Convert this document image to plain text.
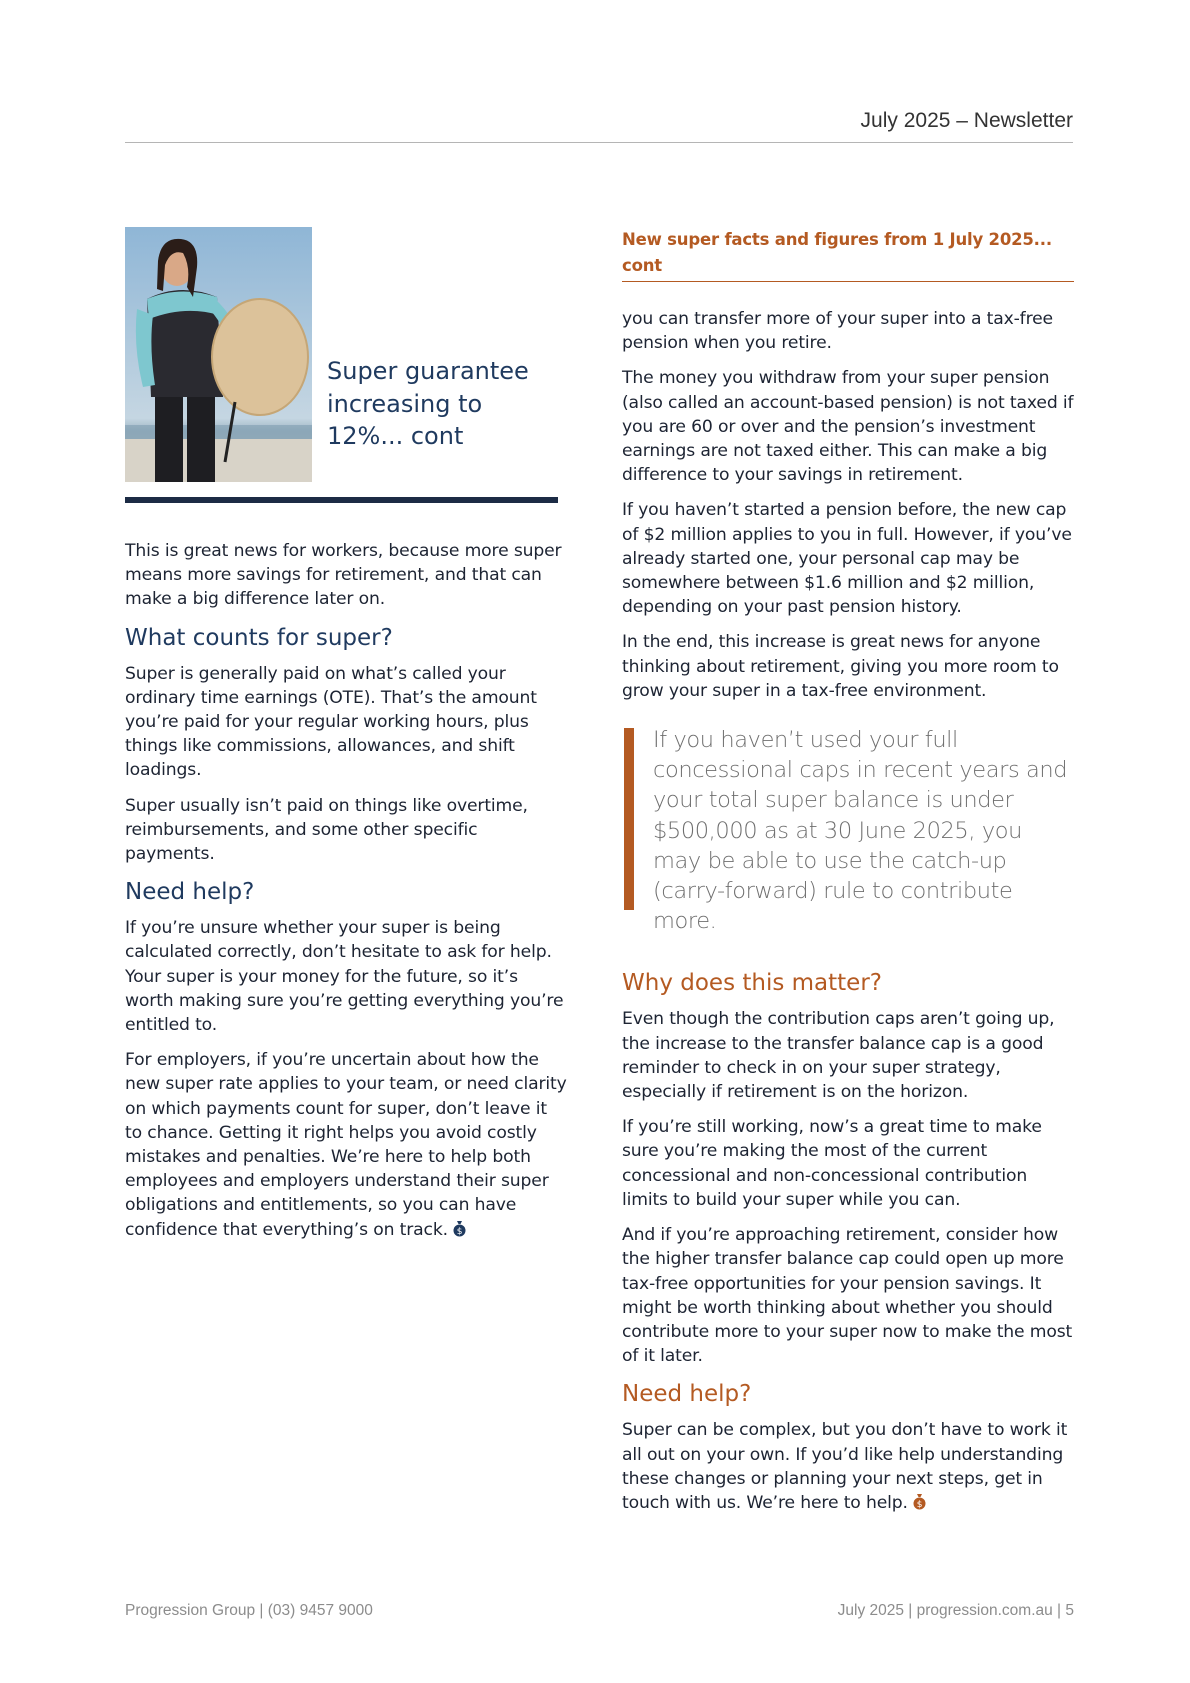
July 2025 – Newsletter
Super guarantee increasing to 12%... cont

This is great news for workers, because more super means more savings for retirement, and that can make a big difference later on.

What counts for super?

Super is generally paid on what’s called your ordinary time earnings (OTE). That’s the amount you’re paid for your regular working hours, plus things like commissions, allowances, and shift loadings.

Super usually isn’t paid on things like overtime, reimbursements, and some other specific payments.

Need help?

If you’re unsure whether your super is being calculated correctly, don’t hesitate to ask for help. Your super is your money for the future, so it’s worth making sure you’re getting everything you’re entitled to.

For employers, if you’re uncertain about how the new super rate applies to your team, or need clarity on which payments count for super, don’t leave it to chance. Getting it right helps you avoid costly mistakes and penalties. We’re here to help both employees and employers understand their super obligations and entitlements, so you can have confidence that everything’s on track. $

New super facts and figures from 1 July 2025... cont

you can transfer more of your super into a tax-free pension when you retire.

The money you withdraw from your super pension (also called an account-based pension) is not taxed if you are 60 or over and the pension’s investment earnings are not taxed either. This can make a big difference to your savings in retirement.

If you haven’t started a pension before, the new cap of $2 million applies to you in full. However, if you’ve already started one, your personal cap may be somewhere between $1.6 million and $2 million, depending on your past pension history.

In the end, this increase is great news for anyone thinking about retirement, giving you more room to grow your super in a tax-free environment.

If you haven’t used your full concessional caps in recent years and your total super balance is under $500,000 as at 30 June 2025, you may be able to use the catch-up (carry-forward) rule to contribute more.

Why does this matter?

Even though the contribution caps aren’t going up, the increase to the transfer balance cap is a good reminder to check in on your super strategy, especially if retirement is on the horizon.

If you’re still working, now’s a great time to make sure you’re making the most of the current concessional and non-concessional contribution limits to build your super while you can.

And if you’re approaching retirement, consider how the higher transfer balance cap could open up more tax-free opportunities for your pension savings. It might be worth thinking about whether you should contribute more to your super now to make the most of it later.

Need help?

Super can be complex, but you don’t have to work it all out on your own. If you’d like help understanding these changes or planning your next steps, get in touch with us. We’re here to help. $

Progression Group | (03) 9457 9000	July 2025 | progression.com.au | 5
